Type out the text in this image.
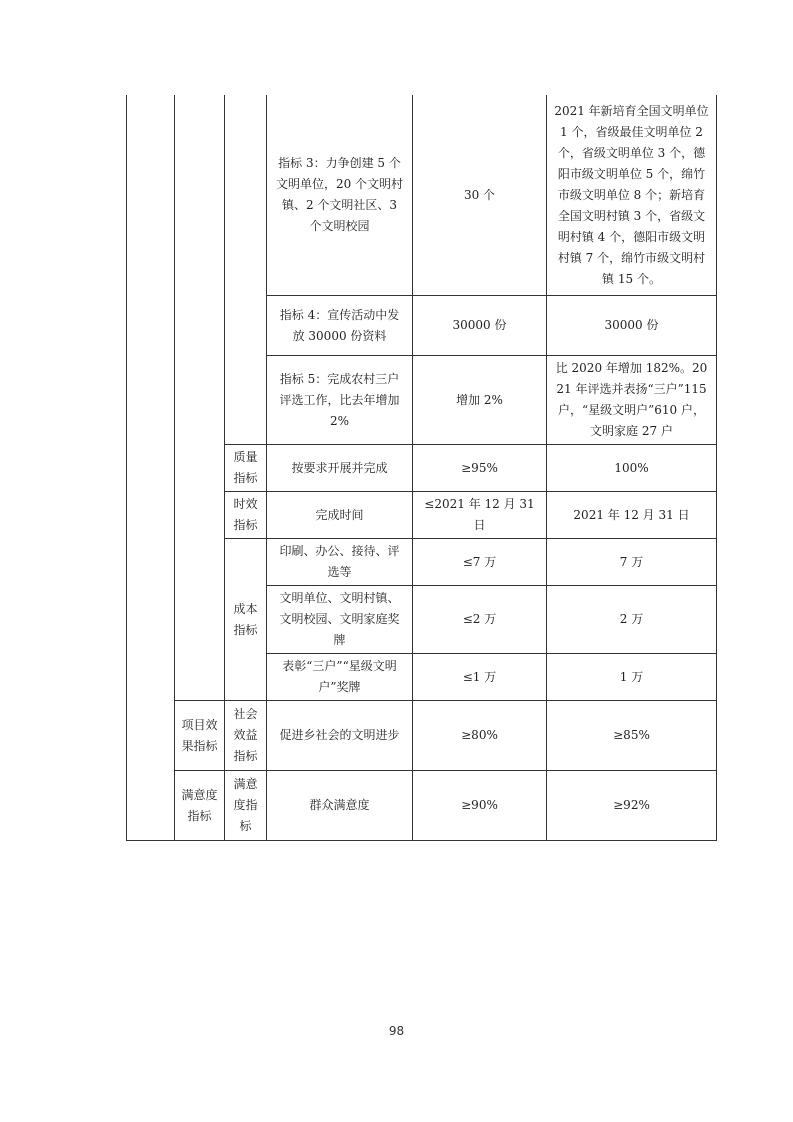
			指标 3：力争创建 5 个文明单位，20 个文明村镇、2 个文明社区、3 个文明校园	30 个	2021 年新培育全国文明单位 1 个，省级最佳文明单位 2 个，省级文明单位 3 个，德阳市级文明单位 5 个，绵竹市级文明单位 8 个；新培育全国文明村镇 3 个，省级文明村镇 4 个，德阳市级文明村镇 7 个，绵竹市级文明村镇 15 个。
			指标 4：宣传活动中发放 30000 份资料	30000 份	30000 份
			指标 5：完成农村三户评选工作，比去年增加 2%	增加 2%	比 2020 年增加 182%。2021 年评选并表扬“三户”115 户，“星级文明户”610 户，文明家庭 27 户
		质量指标	按要求开展并完成	≥95%	100%
		时效指标	完成时间	≤2021 年 12 月 31 日	2021 年 12 月 31 日
		成本指标	印刷、办公、接待、评选等	≤7 万	7 万
			文明单位、文明村镇、文明校园、文明家庭奖牌	≤2 万	2 万
			表彰“三户”“星级文明户”奖牌	≤1 万	1 万
	项目效果指标	社会效益指标	促进乡社会的文明进步	≥80%	≥85%
	满意度指标	满意度指标	群众满意度	≥90%	≥92%
98
